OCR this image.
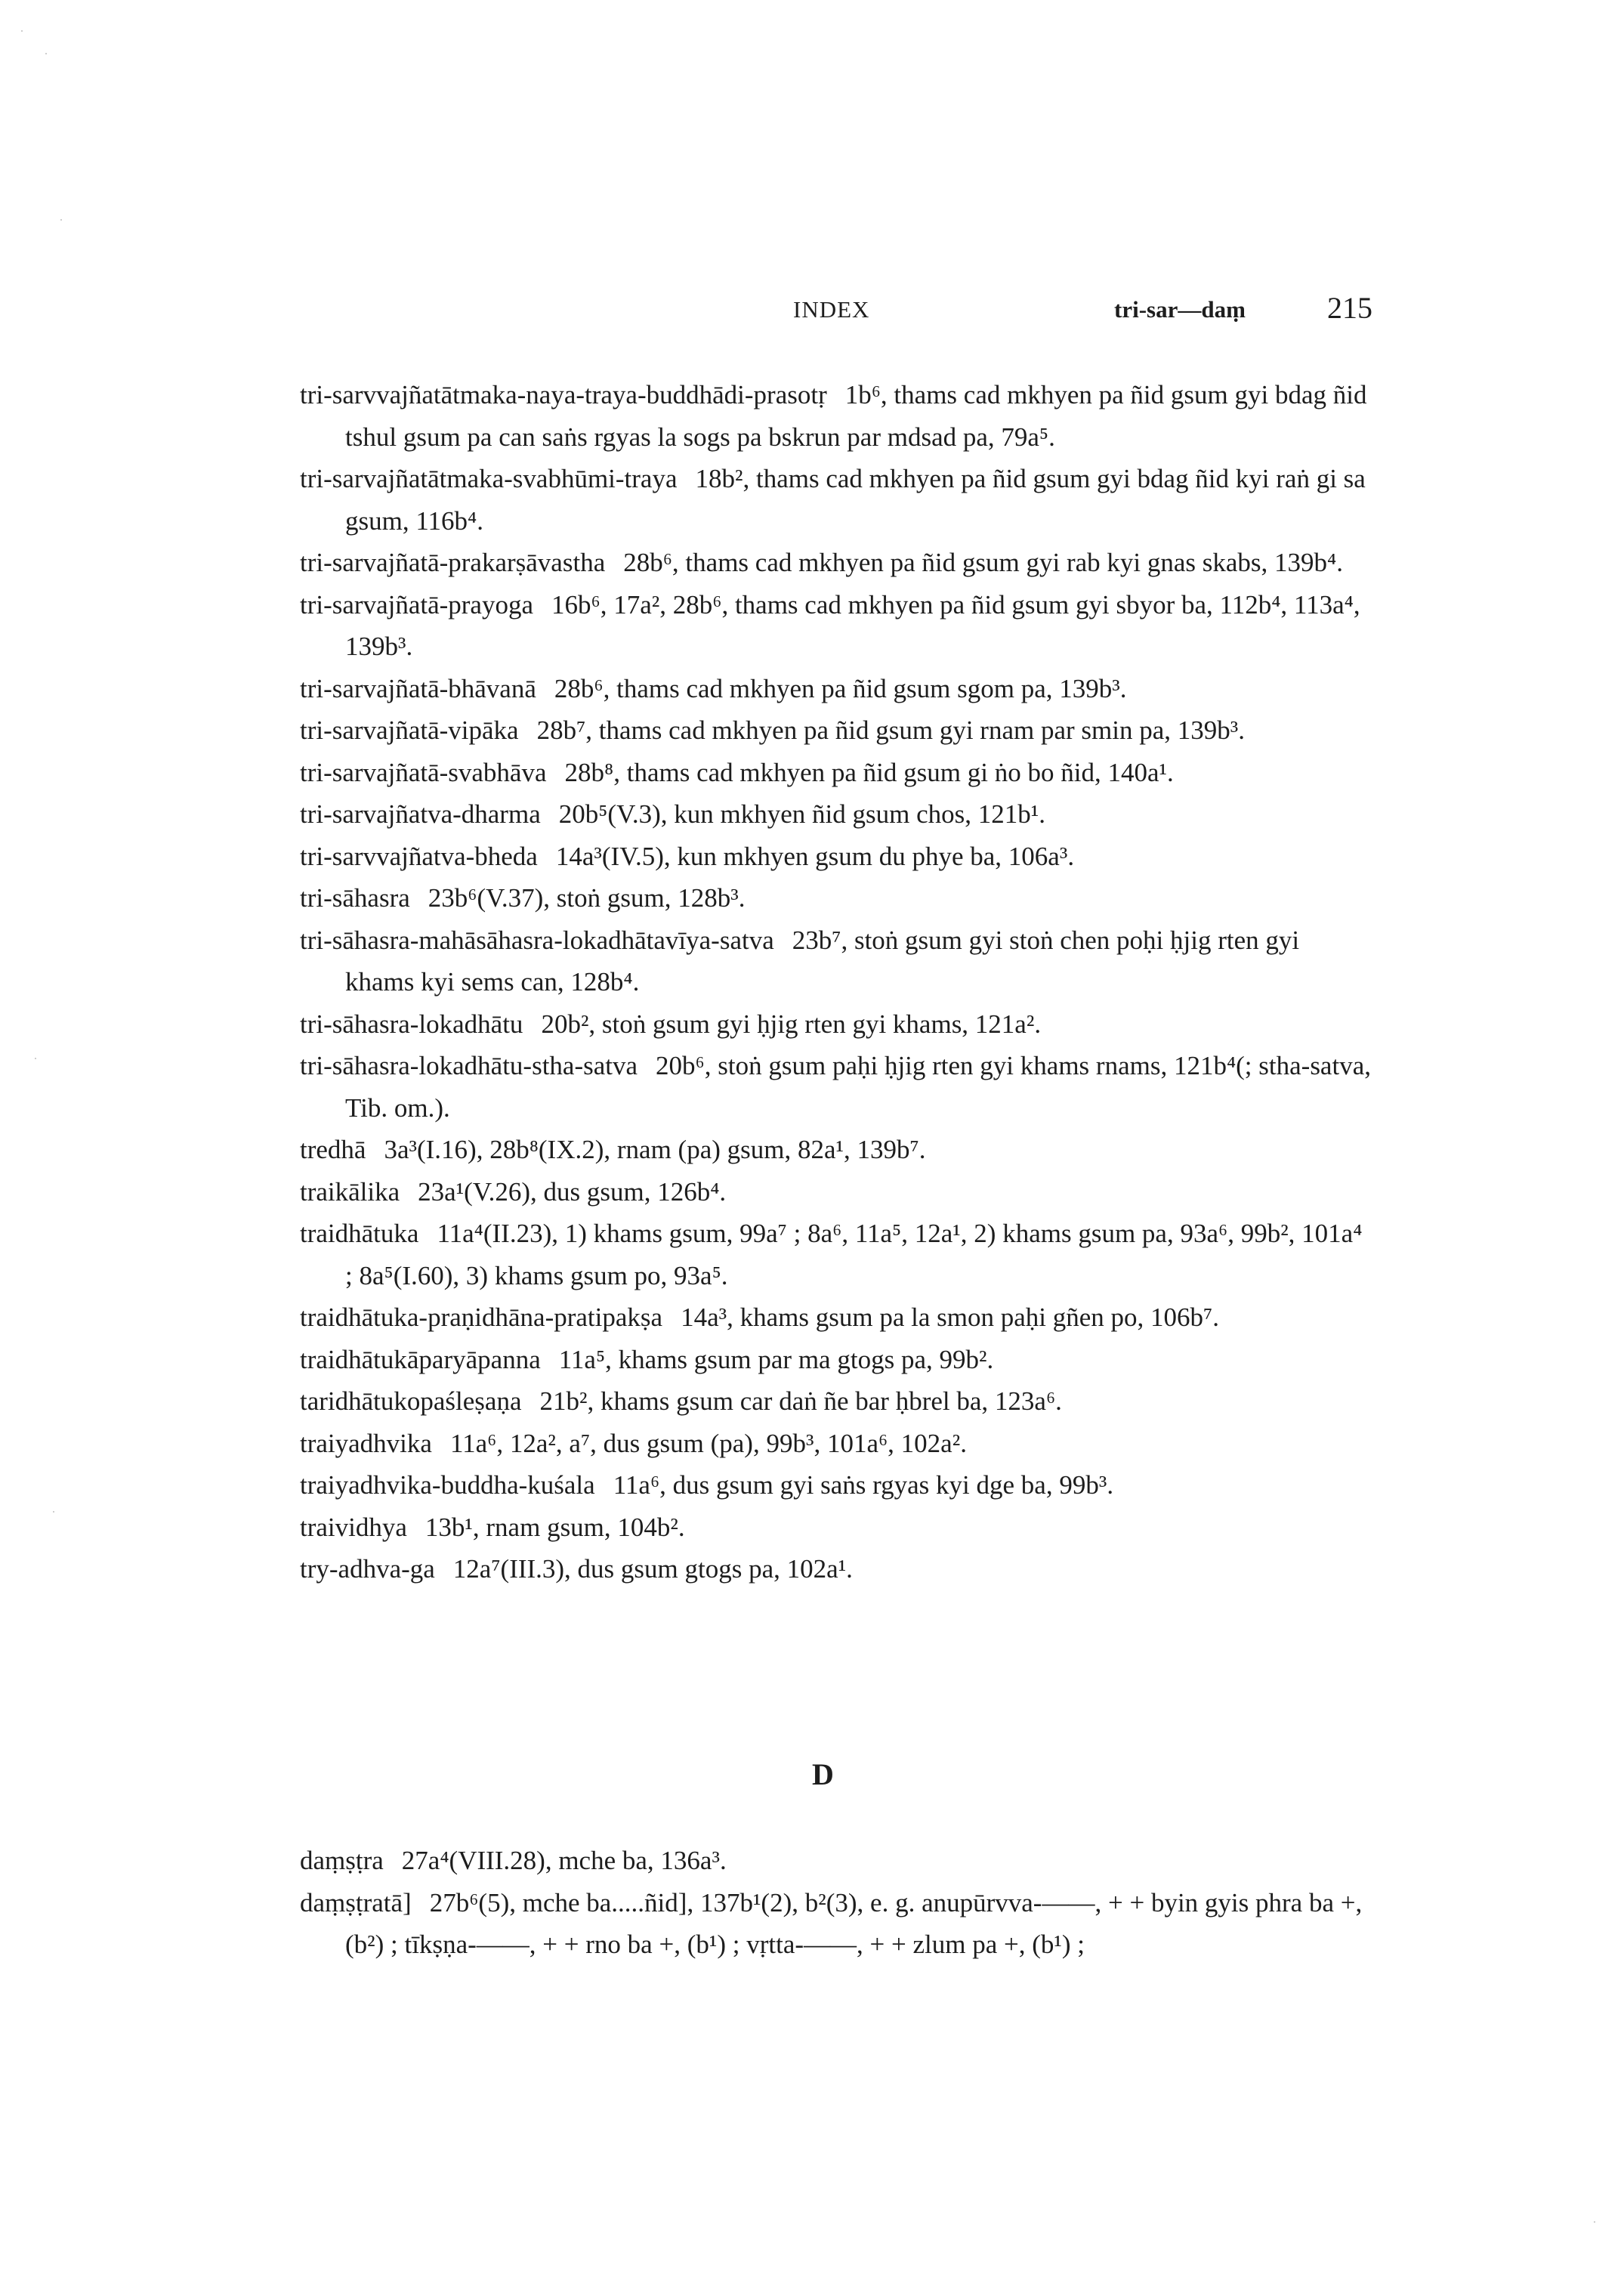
INDEX	tri-sar—daṃ	215

tri-sarvvajñatātmaka-naya-traya-buddhādi-prasotṛ 1b⁶, thams cad mkhyen pa ñid gsum gyi bdag ñid tshul gsum pa can saṅs rgyas la sogs pa bskrun par mdsad pa, 79a⁵.

tri-sarvajñatātmaka-svabhūmi-traya 18b², thams cad mkhyen pa ñid gsum gyi bdag ñid kyi raṅ gi sa gsum, 116b⁴.

tri-sarvajñatā-prakarṣāvastha 28b⁶, thams cad mkhyen pa ñid gsum gyi rab kyi gnas skabs, 139b⁴.

tri-sarvajñatā-prayoga 16b⁶, 17a², 28b⁶, thams cad mkhyen pa ñid gsum gyi sbyor ba, 112b⁴, 113a⁴, 139b³.

tri-sarvajñatā-bhāvanā 28b⁶, thams cad mkhyen pa ñid gsum sgom pa, 139b³.

tri-sarvajñatā-vipāka 28b⁷, thams cad mkhyen pa ñid gsum gyi rnam par smin pa, 139b³.

tri-sarvajñatā-svabhāva 28b⁸, thams cad mkhyen pa ñid gsum gi ṅo bo ñid, 140a¹.

tri-sarvajñatva-dharma 20b⁵(V.3), kun mkhyen ñid gsum chos, 121b¹.

tri-sarvvajñatva-bheda 14a³(IV.5), kun mkhyen gsum du phye ba, 106a³.

tri-sāhasra 23b⁶(V.37), stoṅ gsum, 128b³.

tri-sāhasra-mahāsāhasra-lokadhātavīya-satva 23b⁷, stoṅ gsum gyi stoṅ chen poḥi ḥjig rten gyi khams kyi sems can, 128b⁴.

tri-sāhasra-lokadhātu 20b², stoṅ gsum gyi ḥjig rten gyi khams, 121a².

tri-sāhasra-lokadhātu-stha-satva 20b⁶, stoṅ gsum paḥi ḥjig rten gyi khams rnams, 121b⁴(; stha-satva, Tib. om.).

tredhā 3a³(I.16), 28b⁸(IX.2), rnam (pa) gsum, 82a¹, 139b⁷.

traikālika 23a¹(V.26), dus gsum, 126b⁴.

traidhātuka 11a⁴(II.23), 1) khams gsum, 99a⁷ ; 8a⁶, 11a⁵, 12a¹, 2) khams gsum pa, 93a⁶, 99b², 101a⁴ ; 8a⁵(I.60), 3) khams gsum po, 93a⁵.

traidhātuka-praṇidhāna-pratipakṣa 14a³, khams gsum pa la smon paḥi gñen po, 106b⁷.

traidhātukāparyāpanna 11a⁵, khams gsum par ma gtogs pa, 99b².

taridhātukopaśleṣaṇa 21b², khams gsum car daṅ ñe bar ḥbrel ba, 123a⁶.

traiyadhvika 11a⁶, 12a², a⁷, dus gsum (pa), 99b³, 101a⁶, 102a².

traiyadhvika-buddha-kuśala 11a⁶, dus gsum gyi saṅs rgyas kyi dge ba, 99b³.

traividhya 13b¹, rnam gsum, 104b².

try-adhva-ga 12a⁷(III.3), dus gsum gtogs pa, 102a¹.

D

daṃṣṭra 27a⁴(VIII.28), mche ba, 136a³.

daṃṣṭratā] 27b⁶(5), mche ba.....ñid], 137b¹(2), b²(3), e. g. anupūrvva-——, + + byin gyis phra ba +, (b²) ; tīkṣṇa-——, + + rno ba +, (b¹) ; vṛtta-——, + + zlum pa +, (b¹) ;
